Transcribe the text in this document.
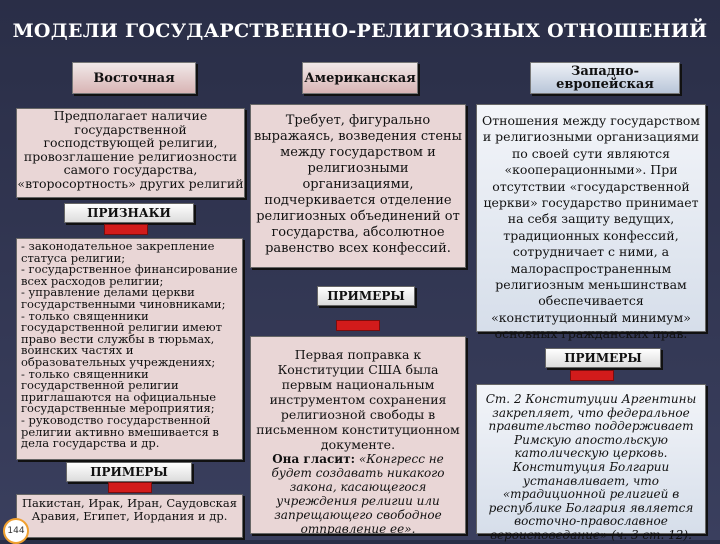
МОДЕЛИ ГОСУДАРСТВЕННО-РЕЛИГИОЗНЫХ ОТНОШЕНИЙ
Восточная
Предполагает наличие государственной господствующей религии, провозглашение религиозности самого государства, «второсортность» других религий
ПРИЗНАКИ
- законодательное закрепление статуса религии;
- государственное финансирование всех расходов религии;
- управление делами церкви государственными чиновниками;
- только священники государственной религии имеют право вести службы в тюрьмах, воинских частях и образовательных учреждениях;
- только священники государственной религии приглашаются на официальные государственные мероприятия;
- руководство государственной религии активно вмешивается в дела государства и др.
ПРИМЕРЫ
Пакистан, Ирак, Иран, Саудовская Аравия, Египет, Иордания и др.
Американская
Требует, фигурально выражаясь, возведения стены между государством и религиозными организациями, подчеркивается отделение религиозных объединений от государства, абсолютное равенство всех конфессий.
ПРИМЕРЫ
Первая поправка к Конституции США была первым национальным инструментом сохранения религиозной свободы в письменном конституционном документе.
Она гласит: «Конгресс не будет создавать никакого закона, касающегося учреждения религии или запрещающего свободное отправление ее».
Западно-европейская
Отношения между государством и религиозными организациями по своей сути являются «кооперационными». При отсутствии «государственной церкви» государство принимает на себя защиту ведущих, традиционных конфессий, сотрудничает с ними, а малораспространенным религиозным меньшинствам обеспечивается «конституционный минимум» основных гражданских прав.
ПРИМЕРЫ
Ст. 2 Конституции Аргентины закрепляет, что федеральное правительство поддерживает Римскую апостольскую католическую церковь. Конституция Болгарии устанавливает, что «традиционной религией в республике Болгария является восточно-православное вероисповедание» (ч. 3 ст. 12).
144
